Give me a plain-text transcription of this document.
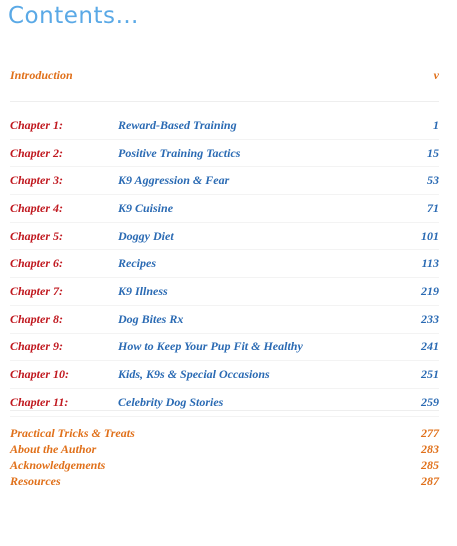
Contents…
Introduction	v
Chapter 1:	Reward-Based Training	1
Chapter 2:	Positive Training Tactics	15
Chapter 3:	K9 Aggression & Fear	53
Chapter 4:	K9 Cuisine	71
Chapter 5:	Doggy Diet	101
Chapter 6:	Recipes	113
Chapter 7:	K9 Illness	219
Chapter 8:	Dog Bites Rx	233
Chapter 9:	How to Keep Your Pup Fit & Healthy	241
Chapter 10:	Kids, K9s & Special Occasions	251
Chapter 11:	Celebrity Dog Stories	259
Practical Tricks & Treats	277
About the Author	283
Acknowledgements	285
Resources	287
